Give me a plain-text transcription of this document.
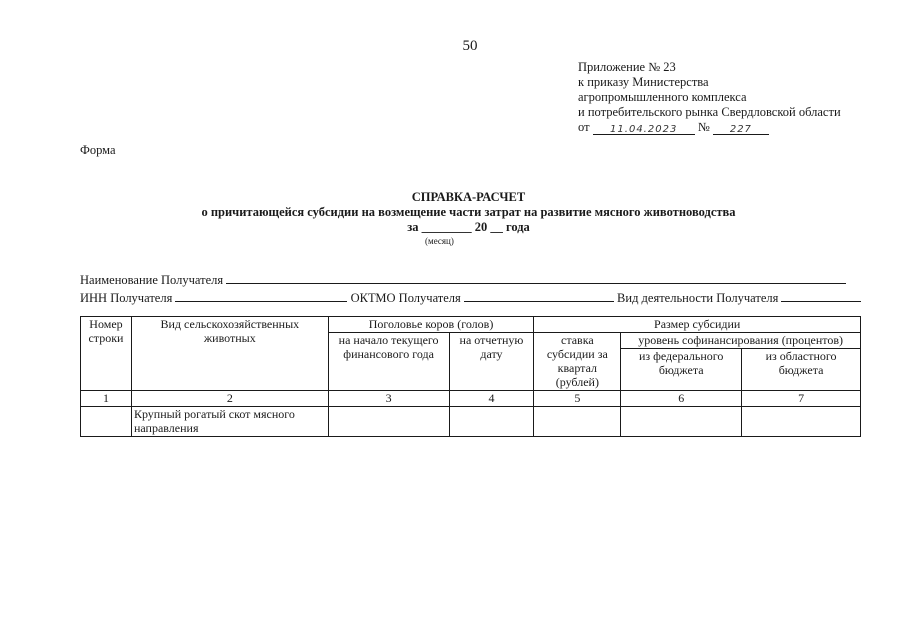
50
Приложение № 23
к приказу Министерства
агропромышленного комплекса
и потребительского рынка Свердловской области
от 11.04.2023 № 227
Форма
СПРАВКА-РАСЧЕТ
о причитающейся субсидии на возмещение части затрат на развитие мясного животноводства
за ________ 20 __ года
(месяц)
Наименование Получателя
ИНН Получателя	ОКТМО Получателя	Вид деятельности Получателя
Номер строки	Вид сельскохозяйственных животных	Поголовье коров (голов)		Размер субсидии		
		на начало текущего финансового года	на отчетную дату	ставка субсидии за квартал (рублей)	уровень софинансирования (процентов)	
					из федерального бюджета	из областного бюджета
1	2	3	4	5	6	7
	Крупный рогатый скот мясного направления					
